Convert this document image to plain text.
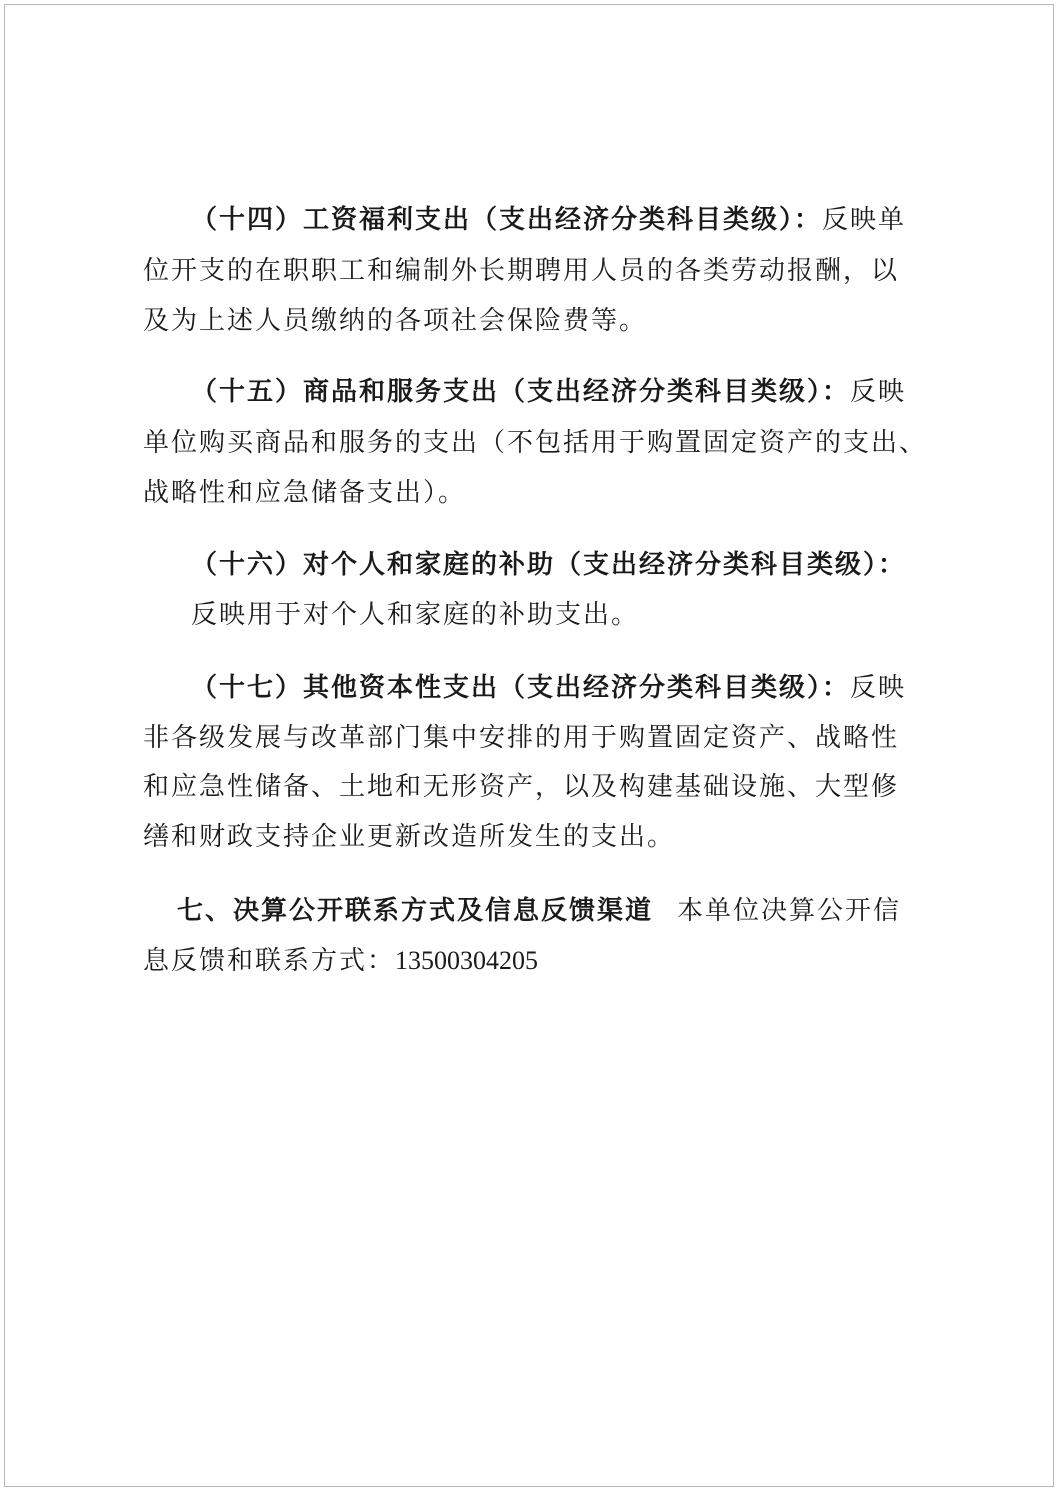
（十四）工资福利支出（支出经济分类科目类级）：反映单
位开支的在职职工和编制外长期聘用人员的各类劳动报酬，以
及为上述人员缴纳的各项社会保险费等。
（十五）商品和服务支出（支出经济分类科目类级）：反映
单位购买商品和服务的支出（不包括用于购置固定资产的支出、
战略性和应急储备支出）。
（十六）对个人和家庭的补助（支出经济分类科目类级）：
反映用于对个人和家庭的补助支出。
（十七）其他资本性支出（支出经济分类科目类级）：反映
非各级发展与改革部门集中安排的用于购置固定资产、战略性
和应急性储备、土地和无形资产，以及构建基础设施、大型修
缮和财政支持企业更新改造所发生的支出。
七、决算公开联系方式及信息反馈渠道 本单位决算公开信
息反馈和联系方式：13500304205
